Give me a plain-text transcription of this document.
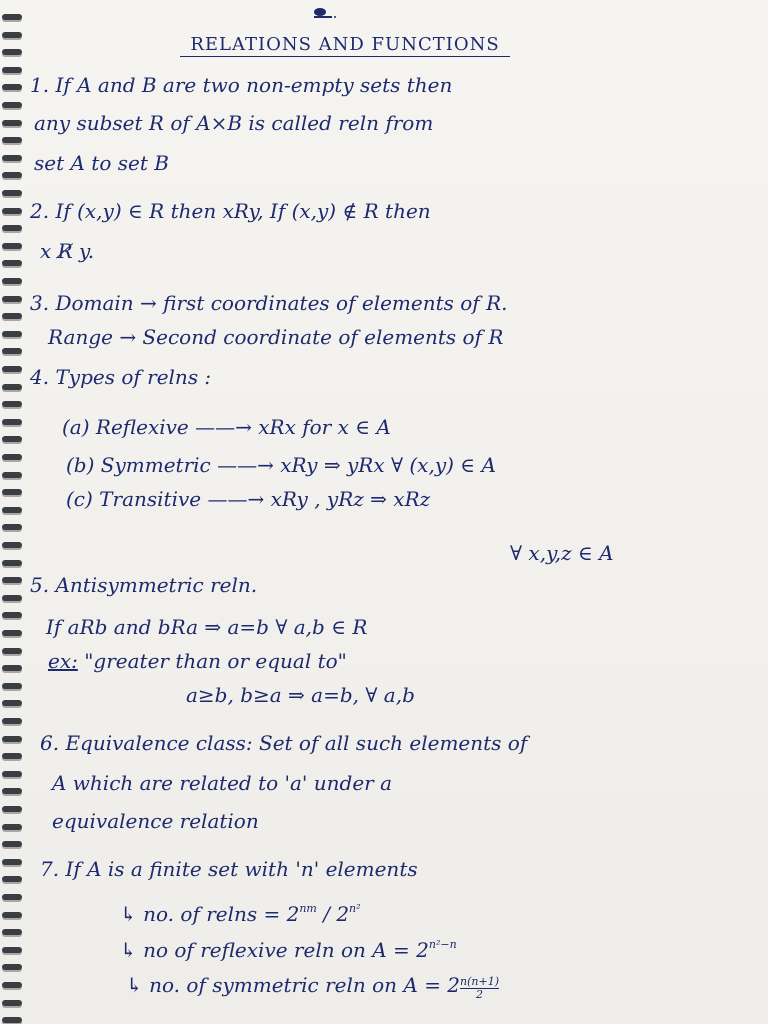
RELATIONS AND FUNCTIONS
1. If A and B are two non-empty sets then
any subset R of A×B is called reln from
set A to set B
2. If (x,y) ∈ R then xRy, If (x,y) ∉ R then
x R̸ y.
3. Domain → first coordinates of elements of R.
Range → Second coordinate of elements of R
4. Types of relns :
(a) Reflexive ——→ xRx for x ∈ A
(b) Symmetric ——→ xRy ⇒ yRx ∀ (x,y) ∈ A
(c) Transitive ——→ xRy , yRz ⇒ xRz
∀ x,y,z ∈ A
5. Antisymmetric reln.
If aRb and bRa ⇒ a=b ∀ a,b ∈ R
ex: "greater than or equal to"
a≥b, b≥a ⇒ a=b, ∀ a,b
6. Equivalence class: Set of all such elements of
A which are related to 'a' under a
equivalence relation
7. If A is a finite set with 'n' elements
↳ no. of $relns = 2^{nm} / 2^{n^2}$
↳ no of reflexive reln on $A = 2^{n^2-n}$
↳ no. of symmetric reln on $A = 2 \frac{n(n+1)}{2}$
